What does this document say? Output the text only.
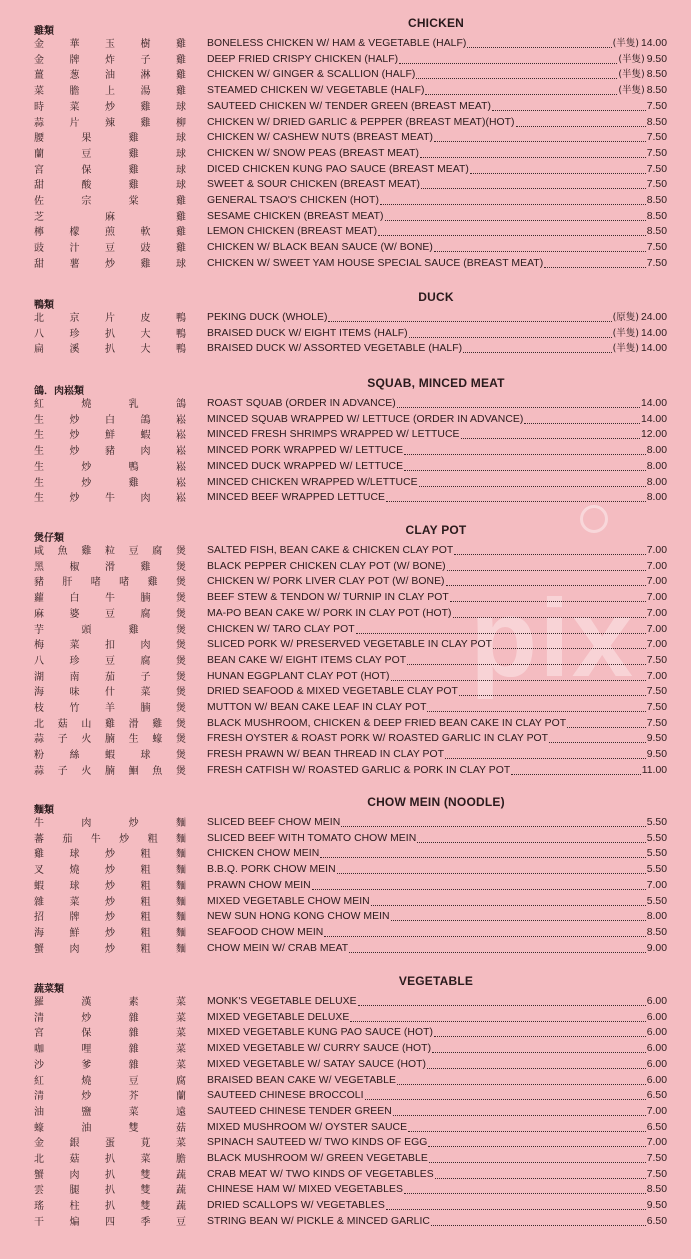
pix
CHICKEN
雞類
金	華	玉	樹	雞 BONELESS CHICKEN W/ HAM & VEGETABLE (HALF)	(半隻) 14.00
金	牌	炸	子	雞 DEEP FRIED CRISPY CHICKEN (HALF)	(半隻) 9.50
薑	葱	油	淋	雞 CHICKEN W/ GINGER & SCALLION (HALF)	(半隻) 8.50
菜	膽	上	湯	雞 STEAMED CHICKEN W/ VEGETABLE (HALF)	(半隻) 8.50
時	菜	炒	雞	球 SAUTEED CHICKEN W/ TENDER GREEN (BREAST MEAT)	7.50
蒜	片	辣	雞	柳 CHICKEN W/ DRIED GARLIC & PEPPER (BREAST MEAT)(HOT)	8.50
腰	果	雞	球 CHICKEN W/ CASHEW NUTS (BREAST MEAT)	7.50
蘭	豆	雞	球 CHICKEN W/ SNOW PEAS (BREAST MEAT)	7.50
宮	保	雞	球 DICED CHICKEN KUNG PAO SAUCE (BREAST MEAT)	7.50
甜	酸	雞	球 SWEET & SOUR CHICKEN (BREAST MEAT)	7.50
佐	宗	棠	雞 GENERAL TSAO'S CHICKEN (HOT)	8.50
芝	麻	雞 SESAME CHICKEN (BREAST MEAT)	8.50
檸	檬	煎	軟	雞 LEMON CHICKEN (BREAST MEAT)	8.50
豉	汁	豆	豉	雞 CHICKEN W/ BLACK BEAN SAUCE (W/ BONE)	7.50
甜	薯	炒	雞	球 CHICKEN W/ SWEET YAM HOUSE SPECIAL SAUCE (BREAST MEAT)	7.50
DUCK
鴨類
北	京	片	皮	鴨 PEKING DUCK (WHOLE)	(原隻) 24.00
八	珍	扒	大	鴨 BRAISED DUCK W/ EIGHT ITEMS (HALF)	(半隻) 14.00
扁	溪	扒	大	鴨 BRAISED DUCK W/ ASSORTED VEGETABLE (HALF)	(半隻) 14.00
SQUAB, MINCED MEAT
鴿．肉崧類
紅	燒	乳	鴿 ROAST SQUAB (ORDER IN ADVANCE)	14.00
生	炒	白	鴿	崧 MINCED SQUAB WRAPPED W/ LETTUCE (ORDER IN ADVANCE)	14.00
生	炒	鮮	蝦	崧 MINCED FRESH SHRIMPS WRAPPED W/ LETTUCE	12.00
生	炒	豬	肉	崧 MINCED PORK WRAPPED W/ LETTUCE	8.00
生	炒	鴨	崧 MINCED DUCK WRAPPED W/ LETTUCE	8.00
生	炒	雞	崧 MINCED CHICKEN WRAPPED W/LETTUCE	8.00
生	炒	牛	肉	崧 MINCED BEEF WRAPPED LETTUCE	8.00
CLAY POT
煲仔類
咸 魚 雞 粒 豆 腐 煲 SALTED FISH, BEAN CAKE & CHICKEN CLAY POT	7.00
黑	椒	滑	雞	煲 BLACK PEPPER CHICKEN CLAY POT (W/ BONE)	7.00
豬 肝 啫 啫 雞 煲 CHICKEN W/ PORK LIVER CLAY POT (W/ BONE)	7.00
蘿	白	牛	腩	煲 BEEF STEW & TENDON W/ TURNIP IN CLAY POT	7.00
麻	婆	豆	腐	煲 MA-PO BEAN CAKE W/ PORK IN CLAY POT (HOT)	7.00
芋	頭	雞	煲 CHICKEN W/ TARO CLAY POT	7.00
梅	菜	扣	肉	煲 SLICED PORK W/ PRESERVED VEGETABLE IN CLAY POT	7.00
八	珍	豆	腐	煲 BEAN CAKE W/ EIGHT ITEMS CLAY POT	7.50
湖	南	茄	子	煲 HUNAN EGGPLANT CLAY POT (HOT)	7.00
海	味	什	菜	煲 DRIED SEAFOOD & MIXED VEGETABLE CLAY POT	7.50
枝	竹	羊	腩	煲 MUTTON W/ BEAN CAKE LEAF IN CLAY POT	7.50
北 菇 山 雞 滑 雞 煲 BLACK MUSHROOM, CHICKEN & DEEP FRIED BEAN CAKE IN CLAY POT	7.50
蒜 子 火 腩 生 蠔 煲 FRESH OYSTER & ROAST PORK W/ ROASTED GARLIC IN CLAY POT	9.50
粉	絲	蝦	球	煲 FRESH PRAWN W/ BEAN THREAD IN CLAY POT	9.50
蒜 子 火 腩 鮰 魚 煲 FRESH CATFISH W/ ROASTED GARLIC & PORK IN CLAY POT	11.00
CHOW MEIN (NOODLE)
麵類
牛	肉	炒	麵 SLICED BEEF CHOW MEIN	5.50
蕃 茄 牛 炒 粗 麵 SLICED BEEF WITH TOMATO CHOW MEIN	5.50
雞	球	炒	粗	麵 CHICKEN CHOW MEIN	5.50
叉	燒	炒	粗	麵 B.B.Q. PORK CHOW MEIN	5.50
蝦	球	炒	粗	麵 PRAWN CHOW MEIN	7.00
雜	菜	炒	粗	麵 MIXED VEGETABLE CHOW MEIN	5.50
招	牌	炒	粗	麵 NEW SUN HONG KONG CHOW MEIN	8.00
海	鮮	炒	粗	麵 SEAFOOD CHOW MEIN	8.50
蟹	肉	炒	粗	麵 CHOW MEIN W/ CRAB MEAT	9.00
VEGETABLE
蔬菜類
羅	漢	素	菜 MONK'S VEGETABLE DELUXE	6.00
清	炒	雜	菜 MIXED VEGETABLE DELUXE	6.00
宮	保	雜	菜 MIXED VEGETABLE KUNG PAO SAUCE (HOT)	6.00
咖	哩	雜	菜 MIXED VEGETABLE W/ CURRY SAUCE (HOT)	6.00
沙	爹	雜	菜 MIXED VEGETABLE W/ SATAY SAUCE (HOT)	6.00
紅	燒	豆	腐 BRAISED BEAN CAKE W/ VEGETABLE	6.00
清	炒	芥	蘭 SAUTEED CHINESE BROCCOLI	6.50
油	鹽	菜	遠 SAUTEED CHINESE TENDER GREEN	7.00
蠔	油	雙	菇 MIXED MUSHROOM W/ OYSTER SAUCE	6.50
金	銀	蛋	莧	菜 SPINACH SAUTEED W/ TWO KINDS OF EGG	7.00
北	菇	扒	菜	膽 BLACK MUSHROOM W/ GREEN VEGETABLE	7.50
蟹	肉	扒	雙	蔬 CRAB MEAT W/ TWO KINDS OF VEGETABLES	7.50
雲	腿	扒	雙	蔬 CHINESE HAM W/ MIXED VEGETABLES	8.50
瑤	柱	扒	雙	蔬 DRIED SCALLOPS W/ VEGETABLES	9.50
干	煸	四	季	豆 STRING BEAN W/ PICKLE & MINCED GARLIC	6.50
